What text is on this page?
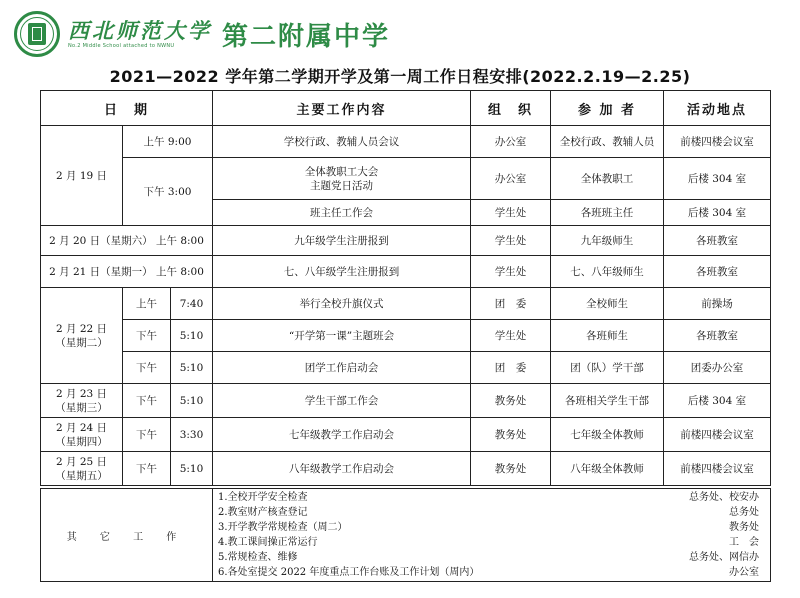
西北师范大学
No.2 Middle School attached to NWNU	第二附属中学
2021—2022 学年第二学期开学及第一周工作日程安排(2022.2.19—2.25)
日　期			主要工作内容	组　织	参 加 者	活动地点
2 月 19 日	上午 9:00		学校行政、教辅人员会议	办公室	全校行政、教辅人员	前楼四楼会议室
	下午 3:00		全体教职工大会
主题党日活动	办公室	全体教职工	后楼 304 室
			班主任工作会	学生处	各班班主任	后楼 304 室
2 月 20 日（星期六） 上午 8:00			九年级学生注册报到	学生处	九年级师生	各班教室
2 月 21 日（星期一） 上午 8:00			七、八年级学生注册报到	学生处	七、八年级师生	各班教室

2 月 22 日
（星期二）	上午	7:40	举行全校升旗仪式	团　委	全校师生	前操场
	下午	5:10	“开学第一课”主题班会	学生处	各班师生	各班教室
	下午	5:10	团学工作启动会	团　委	团（队）学干部	团委办公室

2 月 23 日
（星期三）	下午	5:10	学生干部工作会	教务处	各班相关学生干部	后楼 304 室

2 月 24 日
（星期四）	下午	3:30	七年级教学工作启动会	教务处	七年级全体教师	前楼四楼会议室

2 月 25 日
（星期五）	下午	5:10	八年级教学工作启动会	教务处	八年级全体教师	前楼四楼会议室
其 它 工 作	
1.全校开学安全检查	总务处、校安办
2.教室财产核查登记	总务处
3.开学教学常规检查（周二）	教务处
4.教工课间操正常运行	工　会
5.常规检查、维修	总务处、网信办
6.各处室提交 2022 年度重点工作台账及工作计划（周内）	办公室
